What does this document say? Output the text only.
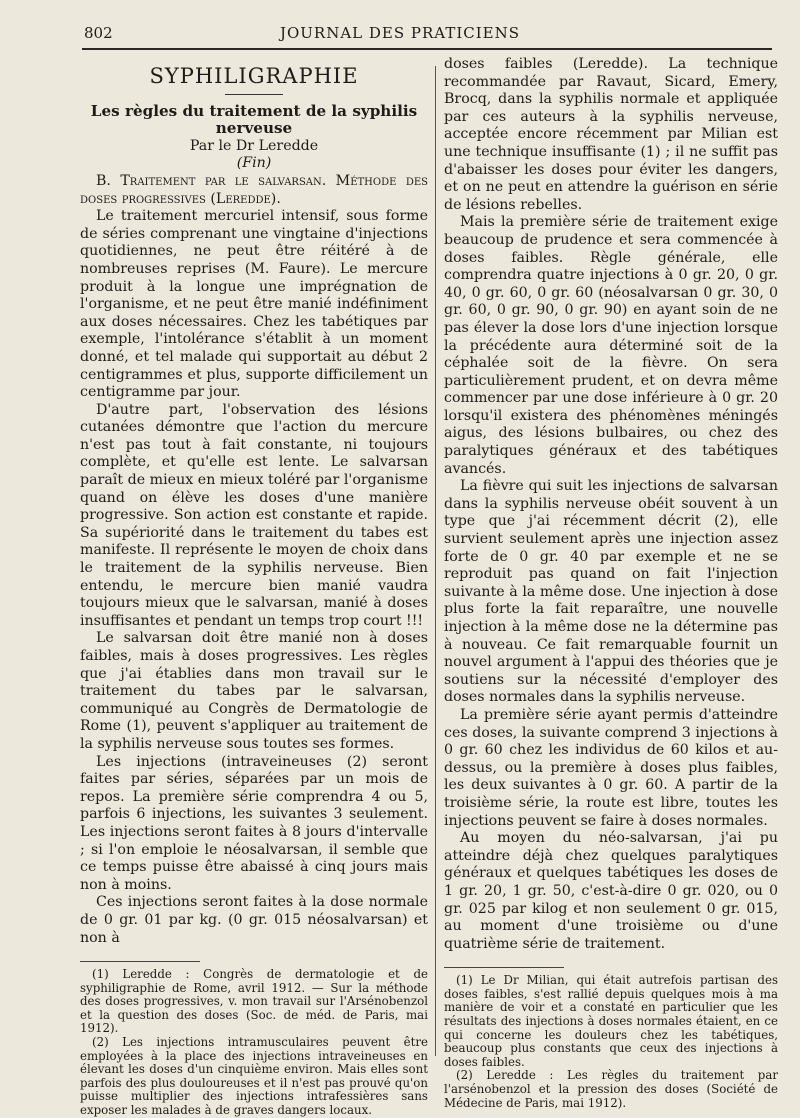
802	JOURNAL DES PRATICIENS
SYPHILIGRAPHIE

Les règles du traitement de la syphilis nerveuse

Par le Dr Leredde

(Fin)

B. Traitement par le salvarsan. Méthode des doses progressives (Leredde).

Le traitement mercuriel intensif, sous forme de séries comprenant une vingtaine d'injections quotidiennes, ne peut être réitéré à de nombreuses reprises (M. Faure). Le mercure produit à la longue une imprégnation de l'organisme, et ne peut être manié indéfiniment aux doses nécessaires. Chez les tabétiques par exemple, l'intolérance s'établit à un moment donné, et tel malade qui supportait au début 2 centigrammes et plus, supporte difficilement un centigramme par jour.

D'autre part, l'observation des lésions cutanées démontre que l'action du mercure n'est pas tout à fait constante, ni toujours complète, et qu'elle est lente. Le salvarsan paraît de mieux en mieux toléré par l'organisme quand on élève les doses d'une manière progressive. Son action est constante et rapide. Sa supériorité dans le traitement du tabes est manifeste. Il représente le moyen de choix dans le traitement de la syphilis nerveuse. Bien entendu, le mercure bien manié vaudra toujours mieux que le salvarsan, manié à doses insuffisantes et pendant un temps trop court !!!

Le salvarsan doit être manié non à doses faibles, mais à doses progressives. Les règles que j'ai établies dans mon travail sur le traitement du tabes par le salvarsan, communiqué au Congrès de Dermatologie de Rome (1), peuvent s'appliquer au traitement de la syphilis nerveuse sous toutes ses formes.

Les injections (intraveineuses (2) seront faites par séries, séparées par un mois de repos. La première série comprendra 4 ou 5, parfois 6 injections, les suivantes 3 seulement. Les injections seront faites à 8 jours d'intervalle ; si l'on emploie le néosalvarsan, il semble que ce temps puisse être abaissé à cinq jours mais non à moins.

Ces injections seront faites à la dose normale de 0 gr. 01 par kg. (0 gr. 015 néosalvarsan) et non à

(1) Leredde : Congrès de dermatologie et de syphiligraphie de Rome, avril 1912. — Sur la méthode des doses progressives, v. mon travail sur l'Arsénobenzol et la question des doses (Soc. de méd. de Paris, mai 1912).

(2) Les injections intramusculaires peuvent être employées à la place des injections intraveineuses en élevant les doses d'un cinquième environ. Mais elles sont parfois des plus douloureuses et il n'est pas prouvé qu'on puisse multiplier des injections intrafessières sans exposer les malades à de graves dangers locaux.

doses faibles (Leredde). La technique recommandée par Ravaut, Sicard, Emery, Brocq, dans la syphilis normale et appliquée par ces auteurs à la syphilis nerveuse, acceptée encore récemment par Milian est une technique insuffisante (1) ; il ne suffit pas d'abaisser les doses pour éviter les dangers, et on ne peut en attendre la guérison en série de lésions rebelles.

Mais la première série de traitement exige beaucoup de prudence et sera commencée à doses faibles. Règle générale, elle comprendra quatre injections à 0 gr. 20, 0 gr. 40, 0 gr. 60, 0 gr. 60 (néosalvarsan 0 gr. 30, 0 gr. 60, 0 gr. 90, 0 gr. 90) en ayant soin de ne pas élever la dose lors d'une injection lorsque la précédente aura déterminé soit de la céphalée soit de la fièvre. On sera particulièrement prudent, et on devra même commencer par une dose inférieure à 0 gr. 20 lorsqu'il existera des phénomènes méningés aigus, des lésions bulbaires, ou chez des paralytiques généraux et des tabétiques avancés.

La fièvre qui suit les injections de salvarsan dans la syphilis nerveuse obéit souvent à un type que j'ai récemment décrit (2), elle survient seulement après une injection assez forte de 0 gr. 40 par exemple et ne se reproduit pas quand on fait l'injection suivante à la même dose. Une injection à dose plus forte la fait reparaître, une nouvelle injection à la même dose ne la détermine pas à nouveau. Ce fait remarquable fournit un nouvel argument à l'appui des théories que je soutiens sur la nécessité d'employer des doses normales dans la syphilis nerveuse.

La première série ayant permis d'atteindre ces doses, la suivante comprend 3 injections à 0 gr. 60 chez les individus de 60 kilos et au-dessus, ou la première à doses plus faibles, les deux suivantes à 0 gr. 60. A partir de la troisième série, la route est libre, toutes les injections peuvent se faire à doses normales.

Au moyen du néo-salvarsan, j'ai pu atteindre déjà chez quelques paralytiques généraux et quelques tabétiques les doses de 1 gr. 20, 1 gr. 50, c'est-à-dire 0 gr. 020, ou 0 gr. 025 par kilog et non seulement 0 gr. 015, au moment d'une troisième ou d'une quatrième série de traitement.

(1) Le Dr Milian, qui était autrefois partisan des doses faibles, s'est rallié depuis quelques mois à ma manière de voir et a constaté en particulier que les résultats des injections à doses normales étaient, en ce qui concerne les douleurs chez les tabétiques, beaucoup plus constants que ceux des injections à doses faibles.

(2) Leredde : Les règles du traitement par l'arsénobenzol et la pression des doses (Société de Médecine de Paris, mai 1912).
